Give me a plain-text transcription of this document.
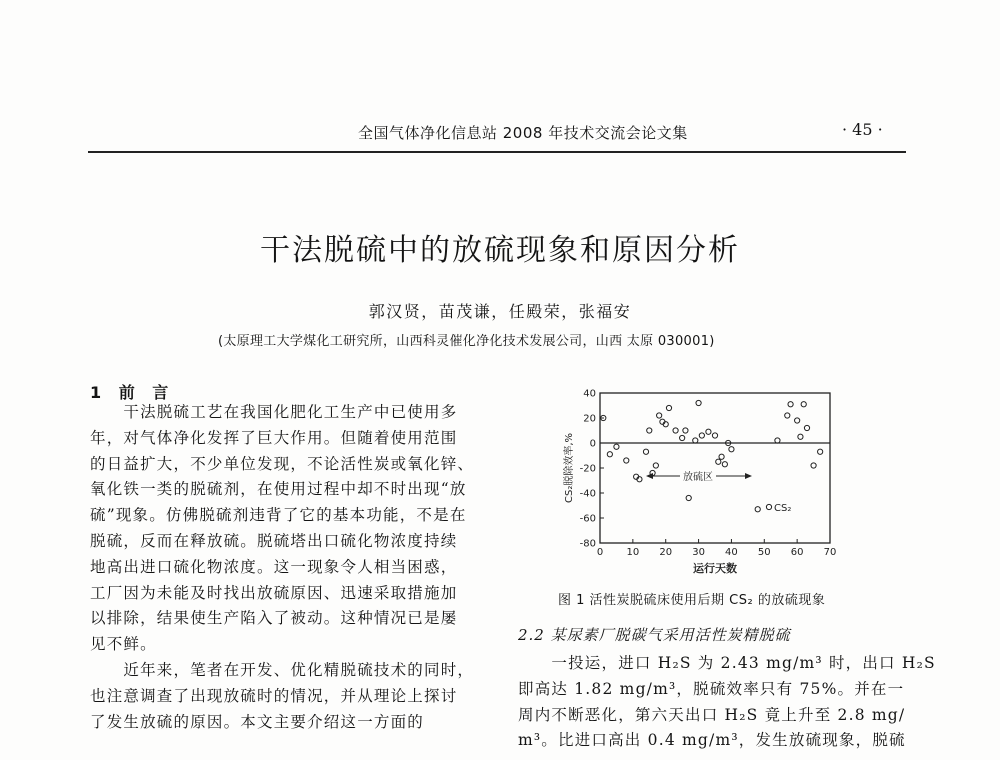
全国气体净化信息站 2008 年技术交流会论文集	· 45 ·
干法脱硫中的放硫现象和原因分析
郭汉贤，苗茂谦，任殿荣，张福安
(太原理工大学煤化工研究所，山西科灵催化净化技术发展公司，山西 太原 030001)
1 前 言
　　干法脱硫工艺在我国化肥化工生产中已使用多
年，对气体净化发挥了巨大作用。但随着使用范围
的日益扩大，不少单位发现，不论活性炭或氧化锌、
氧化铁一类的脱硫剂，在使用过程中却不时出现“放
硫”现象。仿佛脱硫剂违背了它的基本功能，不是在
脱硫，反而在释放硫。脱硫塔出口硫化物浓度持续
地高出进口硫化物浓度。这一现象令人相当困惑，
工厂因为未能及时找出放硫原因、迅速采取措施加
以排除，结果使生产陷入了被动。这种情况已是屡
见不鲜。
　　近年来，笔者在开发、优化精脱硫技术的同时，
也注意调查了出现放硫时的情况，并从理论上探讨
了发生放硫的原因。本文主要介绍这一方面的
0 10 20 30 40 50 60 70
40
20
0
-20
-40
-60
-80
放硫区
CS₂
CS₂脱除效率,%
运行天数
图 1 活性炭脱硫床使用后期 CS₂ 的放硫现象
2.2 某尿素厂脱碳气采用活性炭精脱硫
　　一投运，进口 H₂S 为 2.43 mg/m³ 时，出口 H₂S
即高达 1.82 mg/m³，脱硫效率只有 75%。并在一
周内不断恶化，第六天出口 H₂S 竟上升至 2.8 mg/
m³。比进口高出 0.4 mg/m³，发生放硫现象，脱硫
